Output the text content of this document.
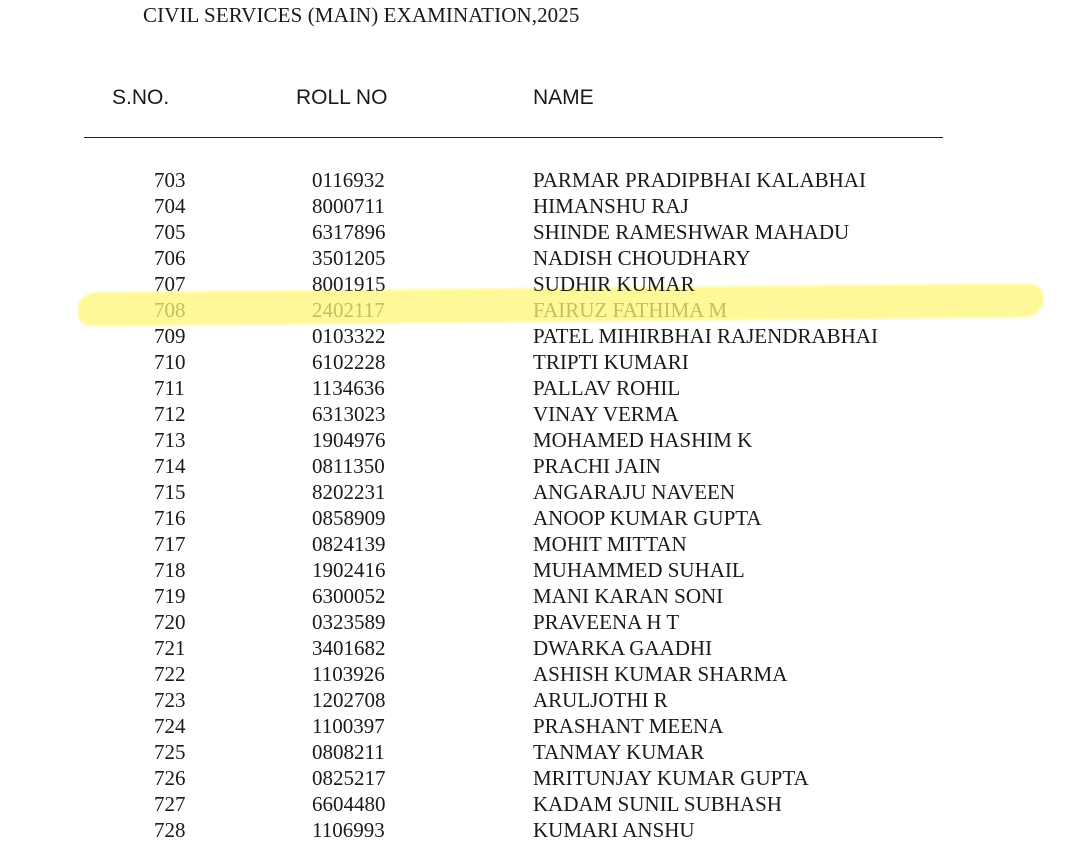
CIVIL SERVICES (MAIN) EXAMINATION,2025
S.NO.	ROLL NO	NAME
703	0116932	PARMAR PRADIPBHAI KALABHAI
704	8000711	HIMANSHU RAJ
705	6317896	SHINDE RAMESHWAR MAHADU
706	3501205	NADISH CHOUDHARY
707	8001915	SUDHIR KUMAR
708	2402117	FAIRUZ FATHIMA M
709	0103322	PATEL MIHIRBHAI RAJENDRABHAI
710	6102228	TRIPTI KUMARI
711	1134636	PALLAV ROHIL
712	6313023	VINAY VERMA
713	1904976	MOHAMED HASHIM K
714	0811350	PRACHI JAIN
715	8202231	ANGARAJU NAVEEN
716	0858909	ANOOP KUMAR GUPTA
717	0824139	MOHIT MITTAN
718	1902416	MUHAMMED SUHAIL
719	6300052	MANI KARAN SONI
720	0323589	PRAVEENA H T
721	3401682	DWARKA GAADHI
722	1103926	ASHISH KUMAR SHARMA
723	1202708	ARULJOTHI R
724	1100397	PRASHANT MEENA
725	0808211	TANMAY KUMAR
726	0825217	MRITUNJAY KUMAR GUPTA
727	6604480	KADAM SUNIL SUBHASH
728	1106993	KUMARI ANSHU
